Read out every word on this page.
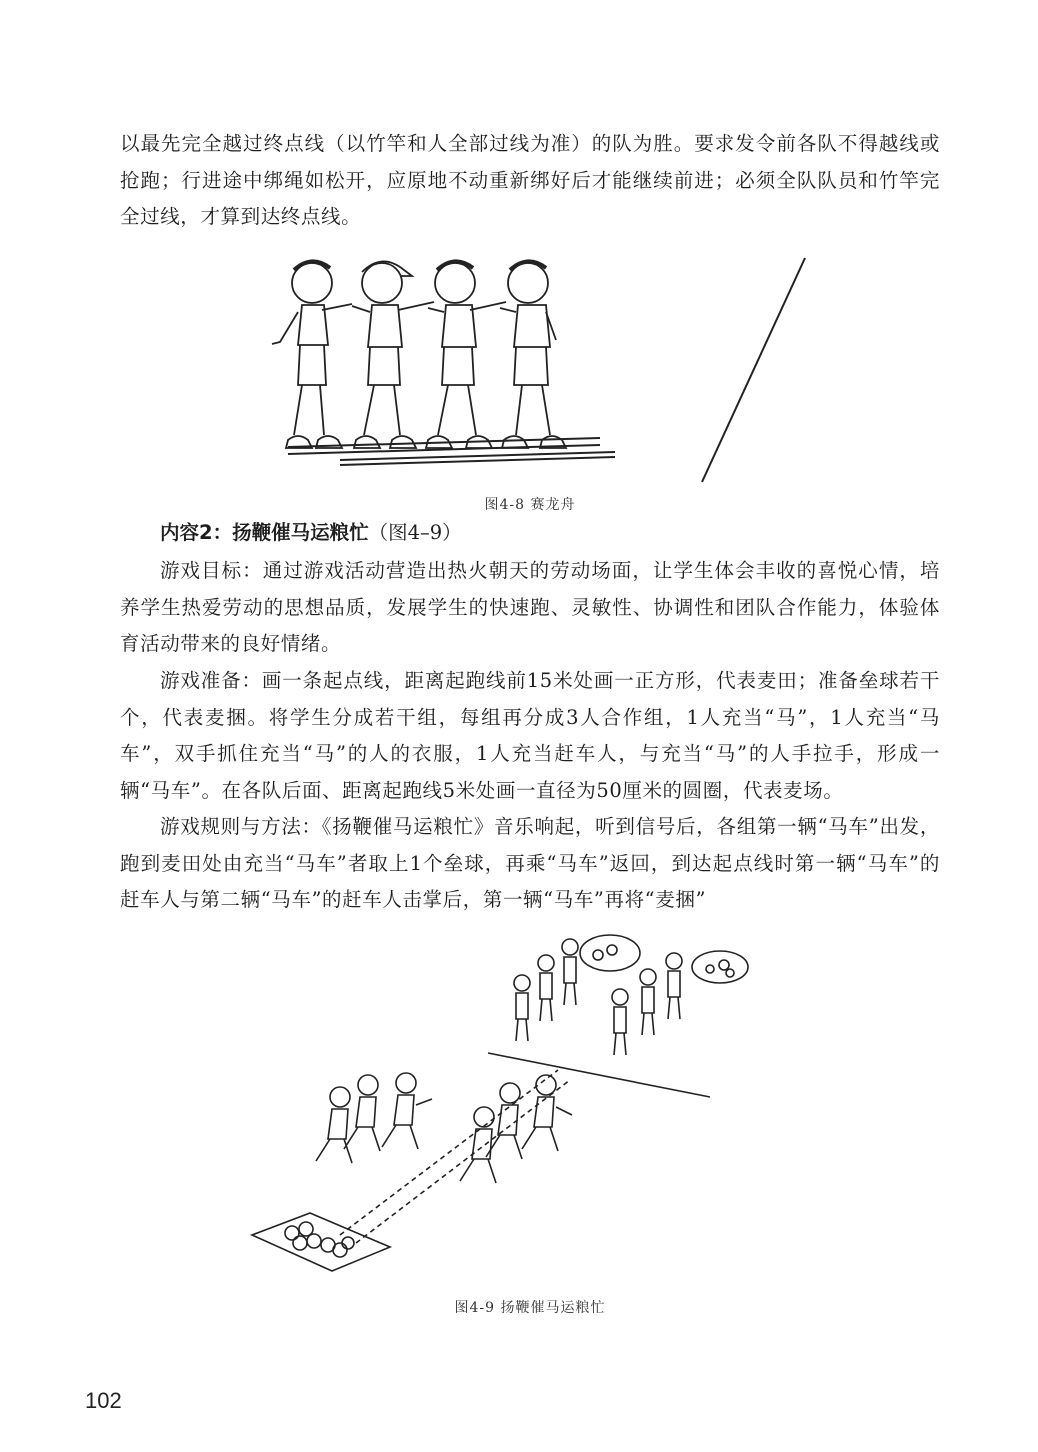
以最先完全越过终点线（以竹竿和人全部过线为准）的队为胜。要求发令前各队不得越线或抢跑；行进途中绑绳如松开，应原地不动重新绑好后才能继续前进；必须全队队员和竹竿完全过线，才算到达终点线。

图4-8 赛龙舟

内容2：扬鞭催马运粮忙（图4–9）

游戏目标：通过游戏活动营造出热火朝天的劳动场面，让学生体会丰收的喜悦心情，培养学生热爱劳动的思想品质，发展学生的快速跑、灵敏性、协调性和团队合作能力，体验体育活动带来的良好情绪。

游戏准备：画一条起点线，距离起跑线前15米处画一正方形，代表麦田；准备垒球若干个，代表麦捆。将学生分成若干组，每组再分成3人合作组，1人充当“马”，1人充当“马车”，双手抓住充当“马”的人的衣服，1人充当赶车人，与充当“马”的人手拉手，形成一辆“马车”。在各队后面、距离起跑线5米处画一直径为50厘米的圆圈，代表麦场。

游戏规则与方法：《扬鞭催马运粮忙》音乐响起，听到信号后，各组第一辆“马车”出发，跑到麦田处由充当“马车”者取上1个垒球，再乘“马车”返回，到达起点线时第一辆“马车”的赶车人与第二辆“马车”的赶车人击掌后，第一辆“马车”再将“麦捆”

图4-9 扬鞭催马运粮忙
102
